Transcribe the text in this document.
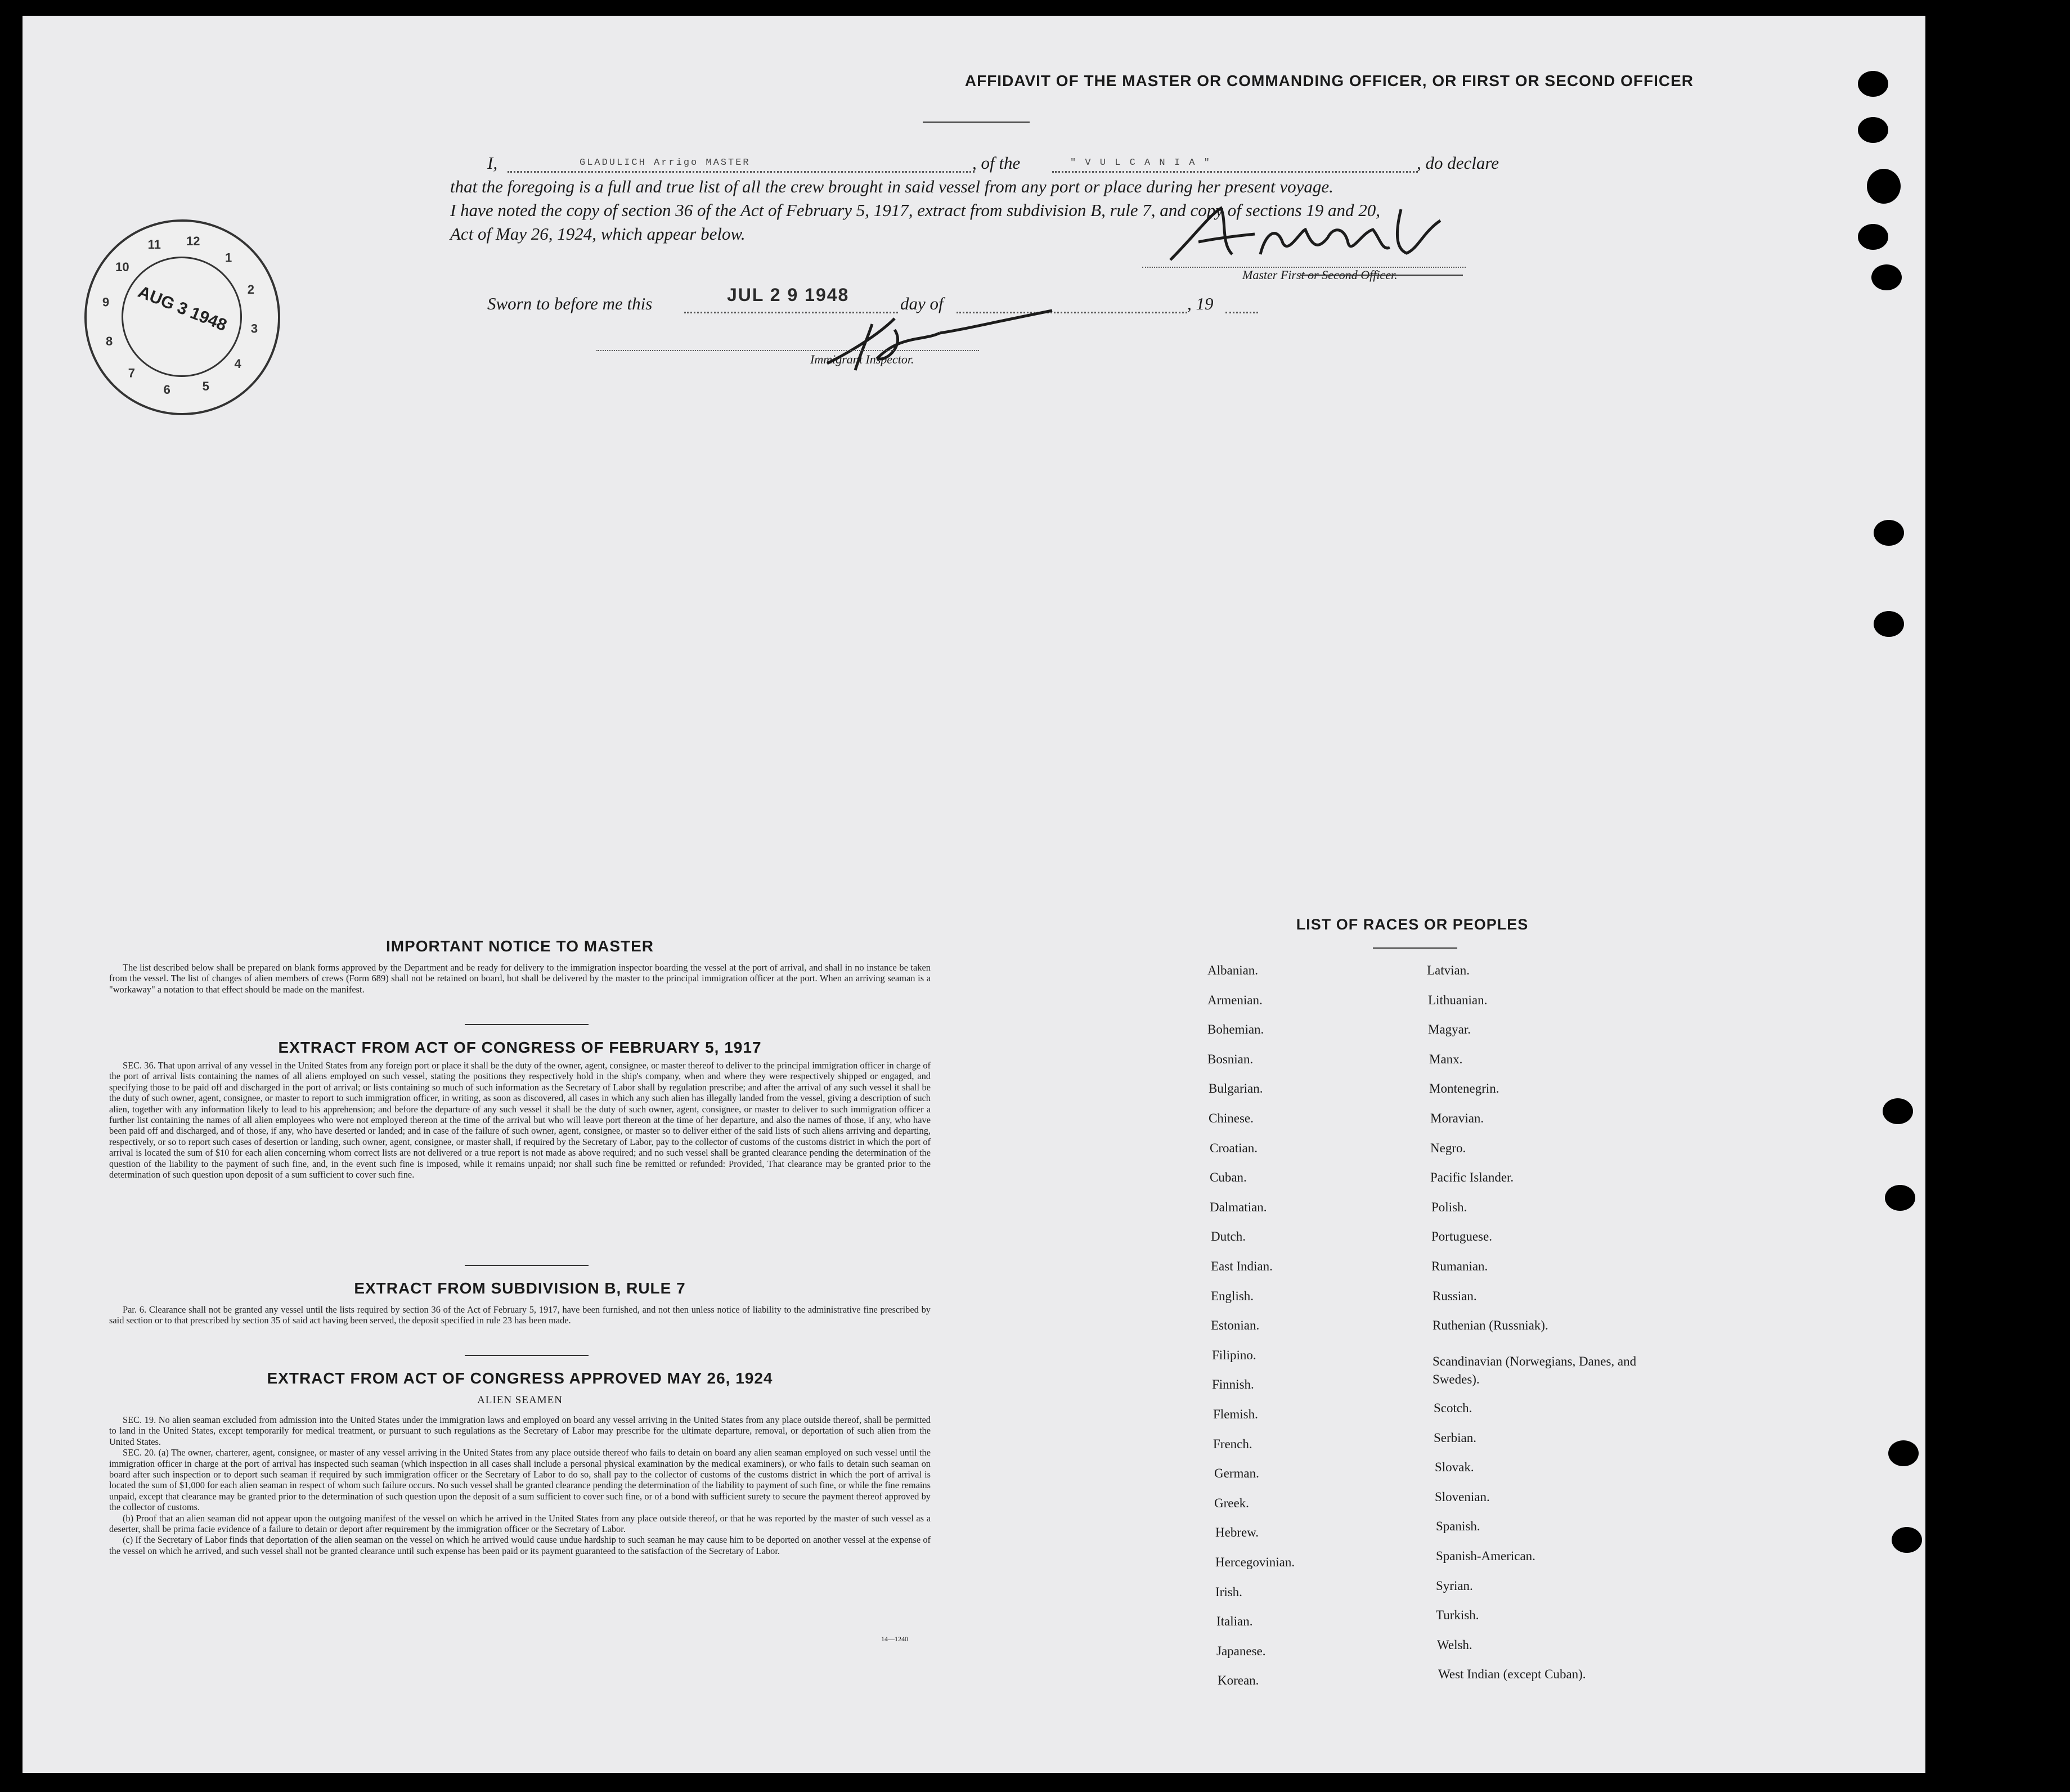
AFFIDAVIT OF THE MASTER OR COMMANDING OFFICER, OR FIRST OR SECOND OFFICER
I,	GLADULICH Arrigo MASTER	, of the	" V U L C A N I A "	, do declare
that the foregoing is a full and true list of all the crew brought in said vessel from any port or place during her present voyage.
I have noted the copy of section 36 of the Act of February 5, 1917, extract from subdivision B, rule 7, and copy of sections 19 and 20,
Act of May 26, 1924, which appear below.
Master First or Second Officer.
Sworn to before me this	JUL 2 9 1948	day of	, 19
Immigrant Inspector.
10
11 12
1
2
3
4
5
6
7
8
9	AUG 3 1948
IMPORTANT NOTICE TO MASTER

The list described below shall be prepared on blank forms approved by the Department and be ready for delivery to the immigration inspector boarding the vessel at the port of arrival, and shall in no instance be taken from the vessel. The list of changes of alien members of crews (Form 689) shall not be retained on board, but shall be delivered by the master to the principal immigration officer at the port. When an arriving seaman is a "workaway" a notation to that effect should be made on the manifest.

EXTRACT FROM ACT OF CONGRESS OF FEBRUARY 5, 1917

SEC. 36. That upon arrival of any vessel in the United States from any foreign port or place it shall be the duty of the owner, agent, consignee, or master thereof to deliver to the principal immigration officer in charge of the port of arrival lists containing the names of all aliens employed on such vessel, stating the positions they respectively hold in the ship's company, when and where they were respectively shipped or engaged, and specifying those to be paid off and discharged in the port of arrival; or lists containing so much of such information as the Secretary of Labor shall by regulation prescribe; and after the arrival of any such vessel it shall be the duty of such owner, agent, consignee, or master to report to such immigration officer, in writing, as soon as discovered, all cases in which any such alien has illegally landed from the vessel, giving a description of such alien, together with any information likely to lead to his apprehension; and before the departure of any such vessel it shall be the duty of such owner, agent, consignee, or master to deliver to such immigration officer a further list containing the names of all alien employees who were not employed thereon at the time of the arrival but who will leave port thereon at the time of her departure, and also the names of those, if any, who have been paid off and discharged, and of those, if any, who have deserted or landed; and in case of the failure of such owner, agent, consignee, or master so to deliver either of the said lists of such aliens arriving and departing, respectively, or so to report such cases of desertion or landing, such owner, agent, consignee, or master shall, if required by the Secretary of Labor, pay to the collector of customs of the customs district in which the port of arrival is located the sum of $10 for each alien concerning whom correct lists are not delivered or a true report is not made as above required; and no such vessel shall be granted clearance pending the determination of the question of the liability to the payment of such fine, and, in the event such fine is imposed, while it remains unpaid; nor shall such fine be remitted or refunded: Provided, That clearance may be granted prior to the determination of such question upon deposit of a sum sufficient to cover such fine.

EXTRACT FROM SUBDIVISION B, RULE 7

Par. 6. Clearance shall not be granted any vessel until the lists required by section 36 of the Act of February 5, 1917, have been furnished, and not then unless notice of liability to the administrative fine prescribed by said section or to that prescribed by section 35 of said act having been served, the deposit specified in rule 23 has been made.

EXTRACT FROM ACT OF CONGRESS APPROVED MAY 26, 1924
ALIEN SEAMEN

SEC. 19. No alien seaman excluded from admission into the United States under the immigration laws and employed on board any vessel arriving in the United States from any place outside thereof, shall be permitted to land in the United States, except temporarily for medical treatment, or pursuant to such regulations as the Secretary of Labor may prescribe for the ultimate departure, removal, or deportation of such alien from the United States.

SEC. 20. (a) The owner, charterer, agent, consignee, or master of any vessel arriving in the United States from any place outside thereof who fails to detain on board any alien seaman employed on such vessel until the immigration officer in charge at the port of arrival has inspected such seaman (which inspection in all cases shall include a personal physical examination by the medical examiners), or who fails to detain such seaman on board after such inspection or to deport such seaman if required by such immigration officer or the Secretary of Labor to do so, shall pay to the collector of customs of the customs district in which the port of arrival is located the sum of $1,000 for each alien seaman in respect of whom such failure occurs. No such vessel shall be granted clearance pending the determination of the liability to payment of such fine, or while the fine remains unpaid, except that clearance may be granted prior to the determination of such question upon the deposit of a sum sufficient to cover such fine, or of a bond with sufficient surety to secure the payment thereof approved by the collector of customs.

(b) Proof that an alien seaman did not appear upon the outgoing manifest of the vessel on which he arrived in the United States from any place outside thereof, or that he was reported by the master of such vessel as a deserter, shall be prima facie evidence of a failure to detain or deport after requirement by the immigration officer or the Secretary of Labor.

(c) If the Secretary of Labor finds that deportation of the alien seaman on the vessel on which he arrived would cause undue hardship to such seaman he may cause him to be deported on another vessel at the expense of the vessel on which he arrived, and such vessel shall not be granted clearance until such expense has been paid or its payment guaranteed to the satisfaction of the Secretary of Labor.

14—1240
LIST OF RACES OR PEOPLES
Albanian.
Armenian.
Bohemian.
Bosnian.
Bulgarian.
Chinese.
Croatian.
Cuban.
Dalmatian.
Dutch.
East Indian.
English.
Estonian.
Filipino.
Finnish.
Flemish.
French.
German.
Greek.
Hebrew.
Hercegovinian.
Irish.
Italian.
Japanese.
Korean.
Latvian.
Lithuanian.
Magyar.
Manx.
Montenegrin.
Moravian.
Negro.
Pacific Islander.
Polish.
Portuguese.
Rumanian.
Russian.
Ruthenian (Russniak).
Scandinavian (Norwegians, Danes, and Swedes).
Scotch.
Serbian.
Slovak.
Slovenian.
Spanish.
Spanish-American.
Syrian.
Turkish.
Welsh.
West Indian (except Cuban).
